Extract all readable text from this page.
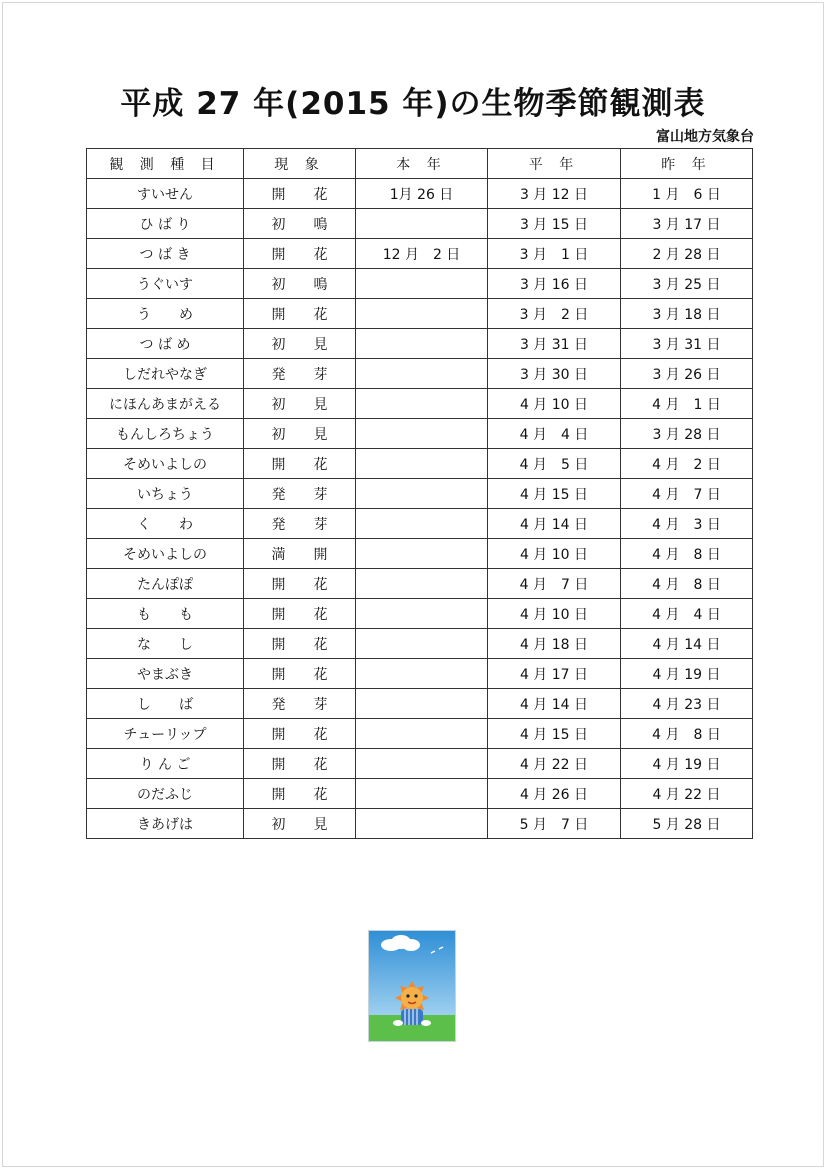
平成 27 年(2015 年)の生物季節観測表
富山地方気象台
観 測 種 目	現 象	本 年	平 年	昨 年
すいせん	開　　花	1月 26 日	3 月 12 日	1 月　6 日
ひ ば り	初　　鳴		3 月 15 日	3 月 17 日
つ ば き	開　　花	12 月　2 日	3 月　1 日	2 月 28 日
うぐいす	初　　鳴		3 月 16 日	3 月 25 日
う　　め	開　　花		3 月　2 日	3 月 18 日
つ ば め	初　　見		3 月 31 日	3 月 31 日
しだれやなぎ	発　　芽		3 月 30 日	3 月 26 日
にほんあまがえる	初　　見		4 月 10 日	4 月　1 日
もんしろちょう	初　　見		4 月　4 日	3 月 28 日
そめいよしの	開　　花		4 月　5 日	4 月　2 日
いちょう	発　　芽		4 月 15 日	4 月　7 日
く　　わ	発　　芽		4 月 14 日	4 月　3 日
そめいよしの	満　　開		4 月 10 日	4 月　8 日
たんぽぽ	開　　花		4 月　7 日	4 月　8 日
も　　も	開　　花		4 月 10 日	4 月　4 日
な　　し	開　　花		4 月 18 日	4 月 14 日
やまぶき	開　　花		4 月 17 日	4 月 19 日
し　　ば	発　　芽		4 月 14 日	4 月 23 日
チューリップ	開　　花		4 月 15 日	4 月　8 日
り ん ご	開　　花		4 月 22 日	4 月 19 日
のだふじ	開　　花		4 月 26 日	4 月 22 日
きあげは	初　　見		5 月　7 日	5 月 28 日
